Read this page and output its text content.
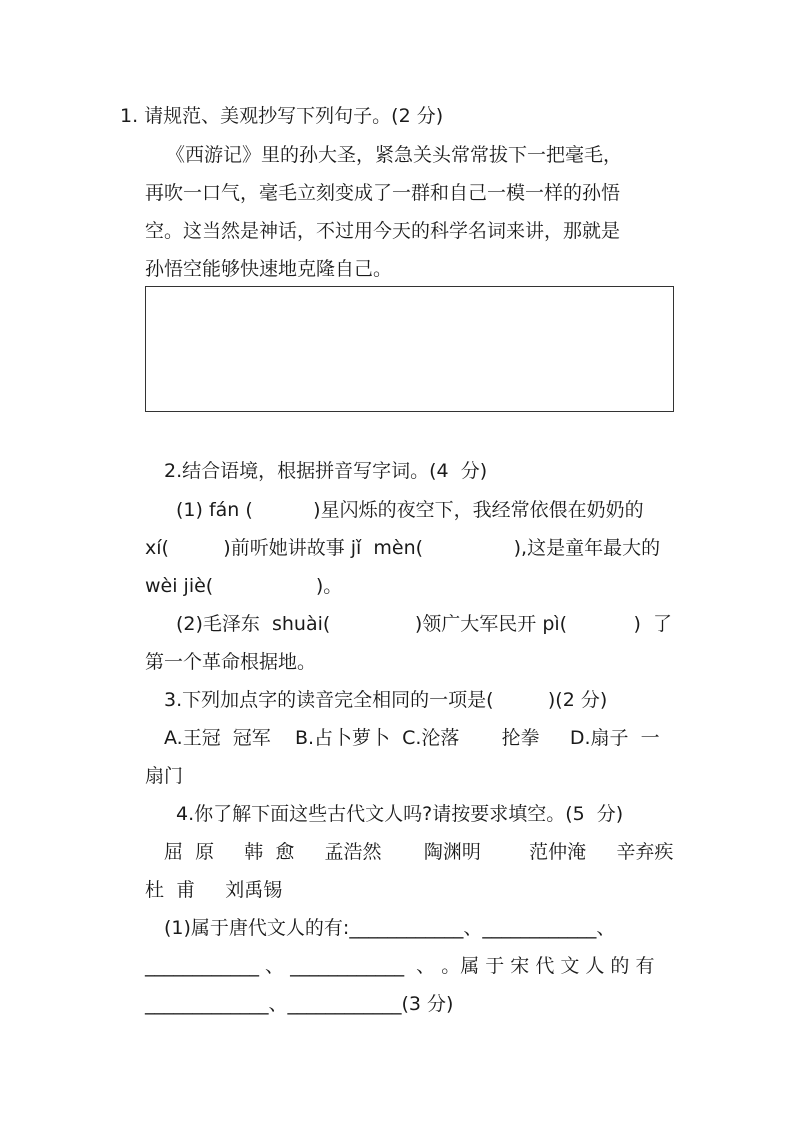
1. 请规范、美观抄写下列句子。(2 分)
《西游记》里的孙大圣，紧急关头常常拔下一把毫毛，
再吹一口气，毫毛立刻变成了一群和自己一模一样的孙悟
空。这当然是神话，不过用今天的科学名词来讲，那就是
孙悟空能够快速地克隆自己。
2.结合语境，根据拼音写字词。(4  分)
(1) fán (          )星闪烁的夜空下，我经常依偎在奶奶的
xí(         )前听她讲故事 jǐ  mèn(               ),这是童年最大的
wèi jiè(                 )。
(2)毛泽东  shuài(              )领广大军民开 pì(           )  了
第一个革命根据地。
3.下列加点字的读音完全相同的一项是(         )(2 分)
A.王冠  冠军    B.占卜萝卜  C.沦落       抡拳     D.扇子  一
扇门
4.你了解下面这些古代文人吗?请按要求填空。(5  分)
屈  原     韩  愈     孟浩然       陶渊明        范仲淹     辛弃疾
杜  甫     刘禹锡
(1)属于唐代文人的有:____________、____________、
____________ 、 ____________  、 。属 于 宋 代 文 人 的 有
_____________、____________(3 分)
